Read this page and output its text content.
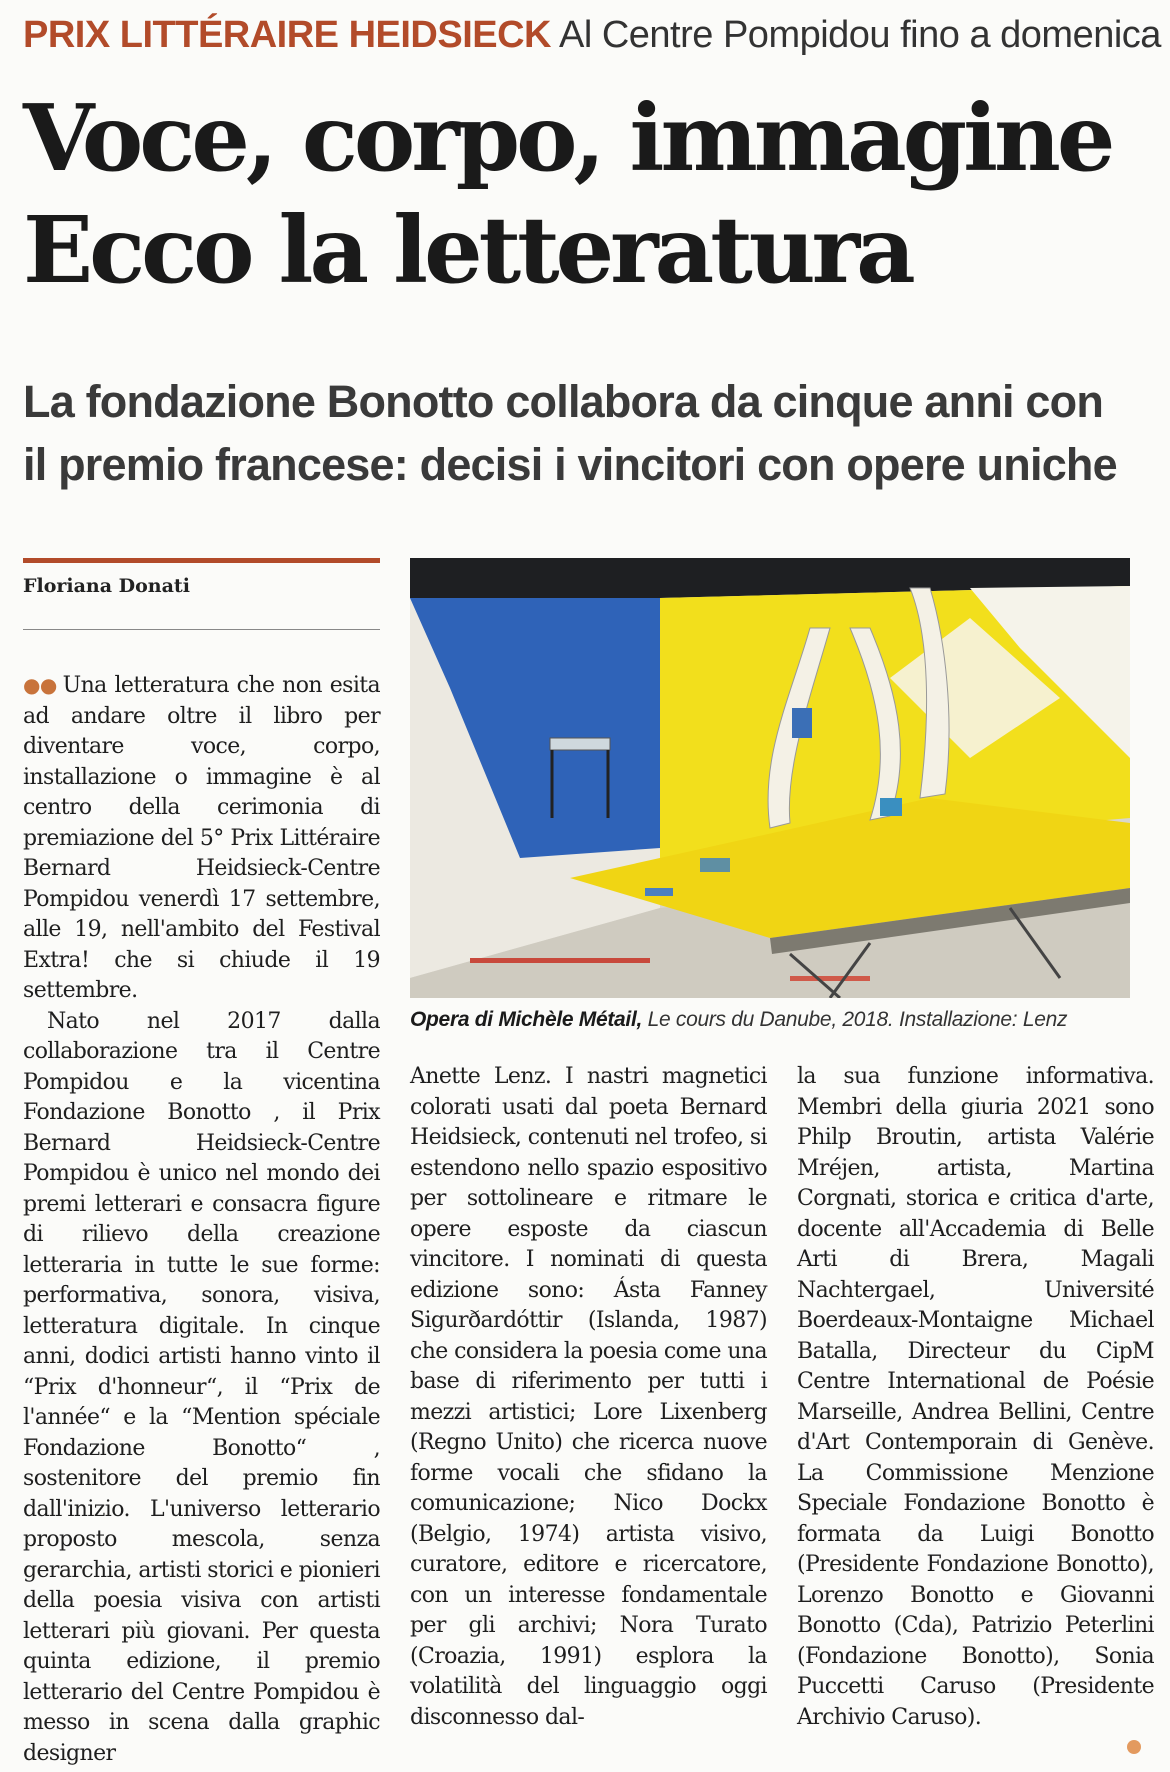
PRIX LITTÉRAIRE HEIDSIECK Al Centre Pompidou fino a domenica
Voce, corpo, immagine
Ecco la letteratura
La fondazione Bonotto collabora da cinque anni con
il premio francese: decisi i vincitori con opere uniche
Floriana Donati
Opera di Michèle Métail, Le cours du Danube, 2018. Installazione: Lenz

●● Una letteratura che non esita ad andare oltre il libro per diventare voce, corpo, installazione o immagine è al centro della cerimonia di premiazione del 5° Prix Littéraire Bernard Heidsieck-Centre Pompidou venerdì 17 settembre, alle 19, nell'ambito del Festival Extra! che si chiude il 19 settembre.

Nato nel 2017 dalla collaborazione tra il Centre Pompidou e la vicentina Fondazione Bonotto , il Prix Bernard Heidsieck-Centre Pompidou è unico nel mondo dei premi letterari e consacra figure di rilievo della creazione letteraria in tutte le sue forme: performativa, sonora, visiva, letteratura digitale. In cinque anni, dodici artisti hanno vinto il “Prix d'honneur“, il “Prix de l'année“ e la “Mention spéciale Fondazione Bonotto“ , sostenitore del premio fin dall'inizio. L'universo letterario proposto mescola, senza gerarchia, artisti storici e pionieri della poesia visiva con artisti letterari più giovani. Per questa quinta edizione, il premio letterario del Centre Pompidou è messo in scena dalla graphic designer

Anette Lenz. I nastri magnetici colorati usati dal poeta Bernard Heidsieck, contenuti nel trofeo, si estendono nello spazio espositivo per sottolineare e ritmare le opere esposte da ciascun vincitore. I nominati di questa edizione sono: Ásta Fanney Sigurðardóttir (Islanda, 1987) che considera la poesia come una base di riferimento per tutti i mezzi artistici; Lore Lixenberg (Regno Unito) che ricerca nuove forme vocali che sfidano la comunicazione; Nico Dockx (Belgio, 1974) artista visivo, curatore, editore e ricercatore, con un interesse fondamentale per gli archivi; Nora Turato (Croazia, 1991) esplora la volatilità del linguaggio oggi disconnesso dal-

la sua funzione informativa. Membri della giuria 2021 sono Philp Broutin, artista Valérie Mréjen, artista, Martina Corgnati, storica e critica d'arte, docente all'Accademia di Belle Arti di Brera, Magali Nachtergael, Université Boerdeaux-Montaigne Michael Batalla, Directeur du CipM Centre International de Poésie Marseille, Andrea Bellini, Centre d'Art Contemporain di Genève. La Commissione Menzione Speciale Fondazione Bonotto è formata da Luigi Bonotto (Presidente Fondazione Bonotto), Lorenzo Bonotto e Giovanni Bonotto (Cda), Patrizio Peterlini (Fondazione Bonotto), Sonia Puccetti Caruso (Presidente Archivio Caruso).
